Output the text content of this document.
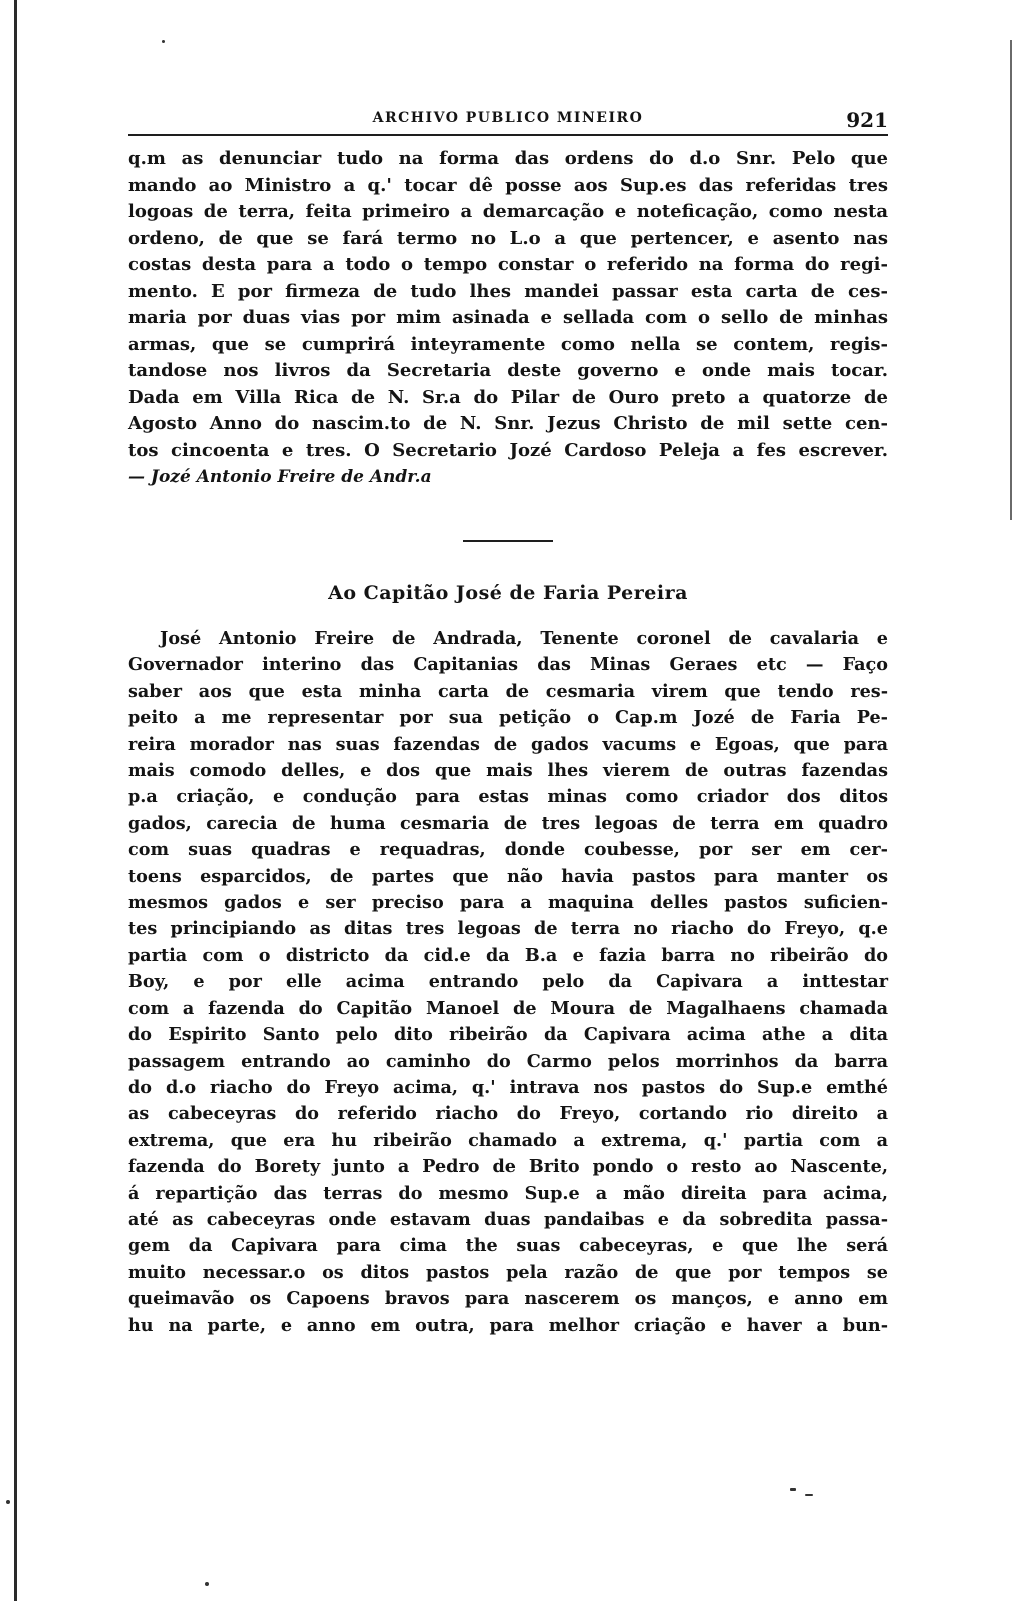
ARCHIVO PUBLICO MINEIRO	921
q.m as denunciar tudo na forma das ordens do d.o Snr. Pelo que
mando ao Ministro a q.' tocar dê posse aos Sup.es das referidas tres
logoas de terra, feita primeiro a demarcação e noteficação, como nesta
ordeno, de que se fará termo no L.o a que pertencer, e asento nas
costas desta para a todo o tempo constar o referido na forma do regi-
mento. E por firmeza de tudo lhes mandei passar esta carta de ces-
maria por duas vias por mim asinada e sellada com o sello de minhas
armas, que se cumprirá inteyramente como nella se contem, regis-
tandose nos livros da Secretaria deste governo e onde mais tocar.
Dada em Villa Rica de N. Sr.a do Pilar de Ouro preto a quatorze de
Agosto Anno do nascim.to de N. Snr. Jezus Christo de mil sette cen-
tos cincoenta e tres. O Secretario Jozé Cardoso Peleja a fes escrever.
— Jozé Antonio Freire de Andr.a
Ao Capitão José de Faria Pereira
José Antonio Freire de Andrada, Tenente coronel de cavalaria e
Governador interino das Capitanias das Minas Geraes etc — Faço
saber aos que esta minha carta de cesmaria virem que tendo res-
peito a me representar por sua petição o Cap.m Jozé de Faria Pe-
reira morador nas suas fazendas de gados vacums e Egoas, que para
mais comodo delles, e dos que mais lhes vierem de outras fazendas
p.a criação, e condução para estas minas como criador dos ditos
gados, carecia de huma cesmaria de tres legoas de terra em quadro
com suas quadras e requadras, donde coubesse, por ser em cer-
toens esparcidos, de partes que não havia pastos para manter os
mesmos gados e ser preciso para a maquina delles pastos suficien-
tes principiando as ditas tres legoas de terra no riacho do Freyo, q.e
partia com o districto da cid.e da B.a e fazia barra no ribeirão do
Boy, e por elle acima entrando pelo da Capivara a inttestar
com a fazenda do Capitão Manoel de Moura de Magalhaens chamada
do Espirito Santo pelo dito ribeirão da Capivara acima athe a dita
passagem entrando ao caminho do Carmo pelos morrinhos da barra
do d.o riacho do Freyo acima, q.' intrava nos pastos do Sup.e emthé
as cabeceyras do referido riacho do Freyo, cortando rio direito a
extrema, que era hu ribeirão chamado a extrema, q.' partia com a
fazenda do Borety junto a Pedro de Brito pondo o resto ao Nascente,
á repartição das terras do mesmo Sup.e a mão direita para acima,
até as cabeceyras onde estavam duas pandaibas e da sobredita passa-
gem da Capivara para cima the suas cabeceyras, e que lhe será
muito necessar.o os ditos pastos pela razão de que por tempos se
queimavão os Capoens bravos para nascerem os manços, e anno em
hu na parte, e anno em outra, para melhor criação e haver a bun-
